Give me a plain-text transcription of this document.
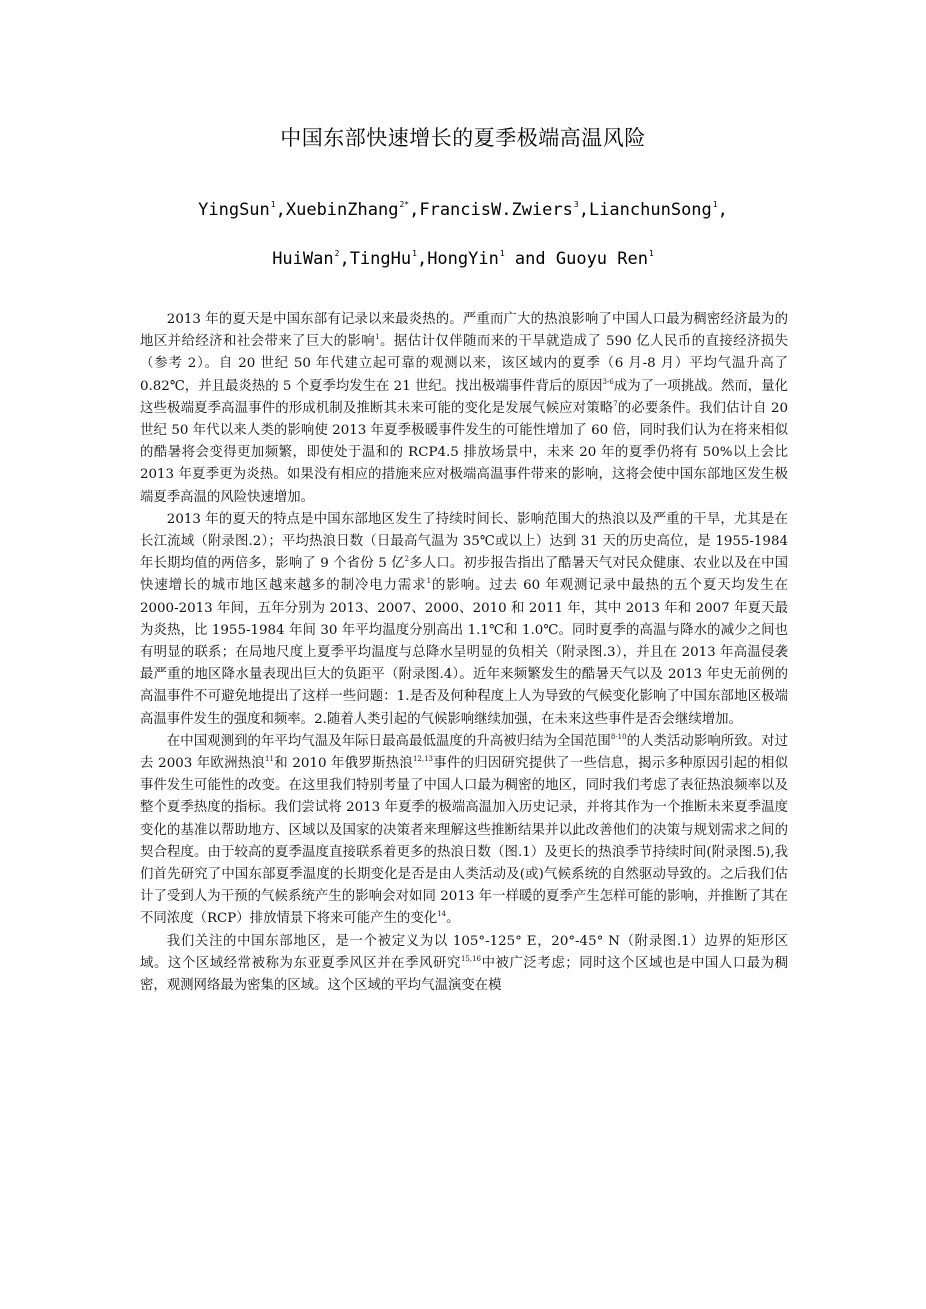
中国东部快速增长的夏季极端高温风险
YingSun$^1$,XuebinZhang$^{2*}$,FrancisW.Zwiers$^3$,LianchunSong$^1$,
HuiWan$^2$,TingHu$^1$,HongYin$^1$ and Guoyu Ren$^1$

2013 年的夏天是中国东部有记录以来最炎热的。严重而广大的热浪影响了中国人口最为稠密经济最为的地区并给经济和社会带来了巨大的影响$^1$。据估计仅伴随而来的干旱就造成了 590 亿人民币的直接经济损失（参考 2）。自 20 世纪 50 年代建立起可靠的观测以来，该区域内的夏季（6 月-8 月）平均气温升高了 0.82℃，并且最炎热的 5 个夏季均发生在 21 世纪。找出极端事件背后的原因$^{3-6}$成为了一项挑战。然而，量化这些极端夏季高温事件的形成机制及推断其未来可能的变化是发展气候应对策略$^7$的必要条件。我们估计自 20 世纪 50 年代以来人类的影响使 2013 年夏季极暖事件发生的可能性增加了 60 倍，同时我们认为在将来相似的酷暑将会变得更加频繁，即使处于温和的 RCP4.5 排放场景中，未来 20 年的夏季仍将有 50%以上会比 2013 年夏季更为炎热。如果没有相应的措施来应对极端高温事件带来的影响，这将会使中国东部地区发生极端夏季高温的风险快速增加。

2013 年的夏天的特点是中国东部地区发生了持续时间长、影响范围大的热浪以及严重的干旱，尤其是在长江流域（附录图.2）；平均热浪日数（日最高气温为 35℃或以上）达到 31 天的历史高位，是 1955-1984 年长期均值的两倍多，影响了 9 个省份 5 亿$^2$多人口。初步报告指出了酷暑天气对民众健康、农业以及在中国快速增长的城市地区越来越多的制冷电力需求$^1$的影响。过去 60 年观测记录中最热的五个夏天均发生在 2000-2013 年间，五年分别为 2013、2007、2000、2010 和 2011 年，其中 2013 年和 2007 年夏天最为炎热，比 1955-1984 年间 30 年平均温度分别高出 1.1℃和 1.0℃。同时夏季的高温与降水的减少之间也有明显的联系；在局地尺度上夏季平均温度与总降水呈明显的负相关（附录图.3），并且在 2013 年高温侵袭最严重的地区降水量表现出巨大的负距平（附录图.4）。近年来频繁发生的酷暑天气以及 2013 年史无前例的高温事件不可避免地提出了这样一些问题：1.是否及何种程度上人为导致的气候变化影响了中国东部地区极端高温事件发生的强度和频率。2.随着人类引起的气候影响继续加强，在未来这些事件是否会继续增加。

在中国观测到的年平均气温及年际日最高最低温度的升高被归结为全国范围$^{8-10}$的人类活动影响所致。对过去 2003 年欧洲热浪$^{11}$和 2010 年俄罗斯热浪$^{12,13}$事件的归因研究提供了一些信息，揭示多种原因引起的相似事件发生可能性的改变。在这里我们特别考量了中国人口最为稠密的地区，同时我们考虑了表征热浪频率以及整个夏季热度的指标。我们尝试将 2013 年夏季的极端高温加入历史记录，并将其作为一个推断未来夏季温度变化的基准以帮助地方、区域以及国家的决策者来理解这些推断结果并以此改善他们的决策与规划需求之间的契合程度。由于较高的夏季温度直接联系着更多的热浪日数（图.1）及更长的热浪季节持续时间(附录图.5),我们首先研究了中国东部夏季温度的长期变化是否是由人类活动及(或)气候系统的自然驱动导致的。之后我们估计了受到人为干预的气候系统产生的影响会对如同 2013 年一样暖的夏季产生怎样可能的影响，并推断了其在不同浓度（RCP）排放情景下将来可能产生的变化$^{14}$。

我们关注的中国东部地区，是一个被定义为以 105°-125° E，20°-45° N（附录图.1）边界的矩形区域。这个区域经常被称为东亚夏季风区并在季风研究$^{15,16}$中被广泛考虑；同时这个区域也是中国人口最为稠密，观测网络最为密集的区域。这个区域的平均气温演变在模
